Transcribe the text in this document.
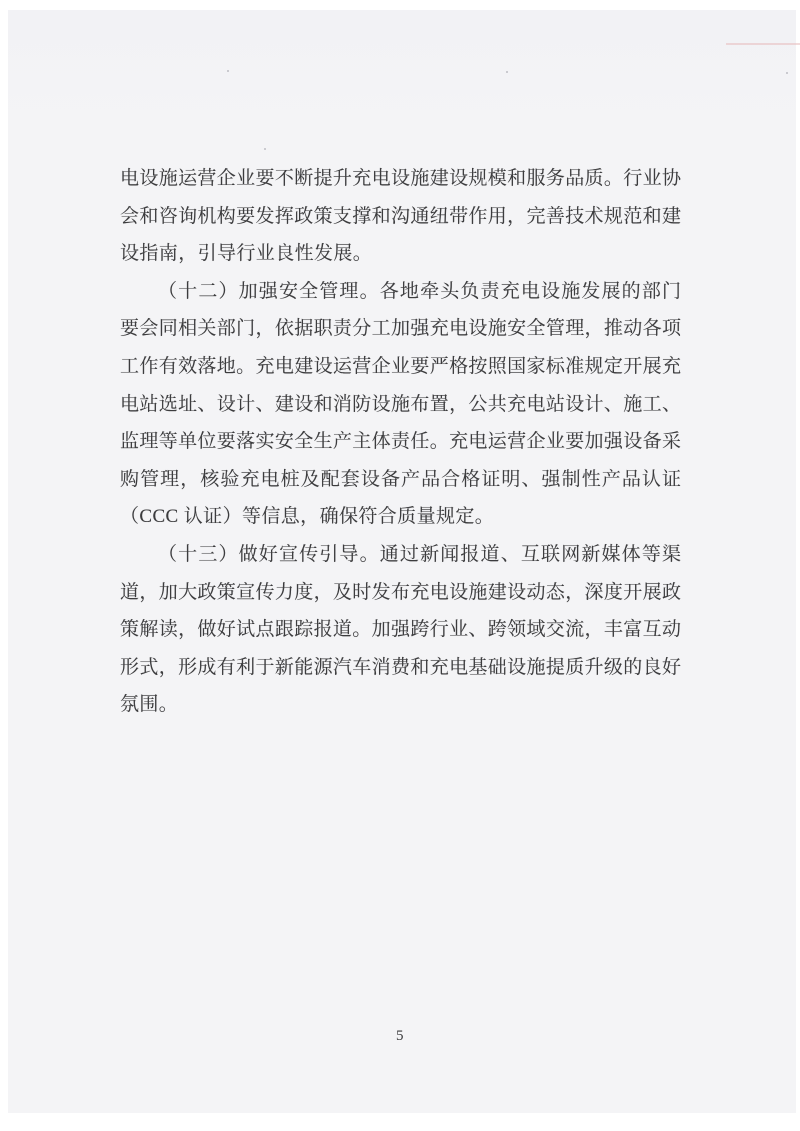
电设施运营企业要不断提升充电设施建设规模和服务品质。行业协
会和咨询机构要发挥政策支撑和沟通纽带作用，完善技术规范和建
设指南，引导行业良性发展。
（十二）加强安全管理。各地牵头负责充电设施发展的部门
要会同相关部门，依据职责分工加强充电设施安全管理，推动各项
工作有效落地。充电建设运营企业要严格按照国家标准规定开展充
电站选址、设计、建设和消防设施布置，公共充电站设计、施工、
监理等单位要落实安全生产主体责任。充电运营企业要加强设备采
购管理，核验充电桩及配套设备产品合格证明、强制性产品认证
（CCC 认证）等信息，确保符合质量规定。
（十三）做好宣传引导。通过新闻报道、互联网新媒体等渠
道，加大政策宣传力度，及时发布充电设施建设动态，深度开展政
策解读，做好试点跟踪报道。加强跨行业、跨领域交流，丰富互动
形式，形成有利于新能源汽车消费和充电基础设施提质升级的良好
氛围。
5
